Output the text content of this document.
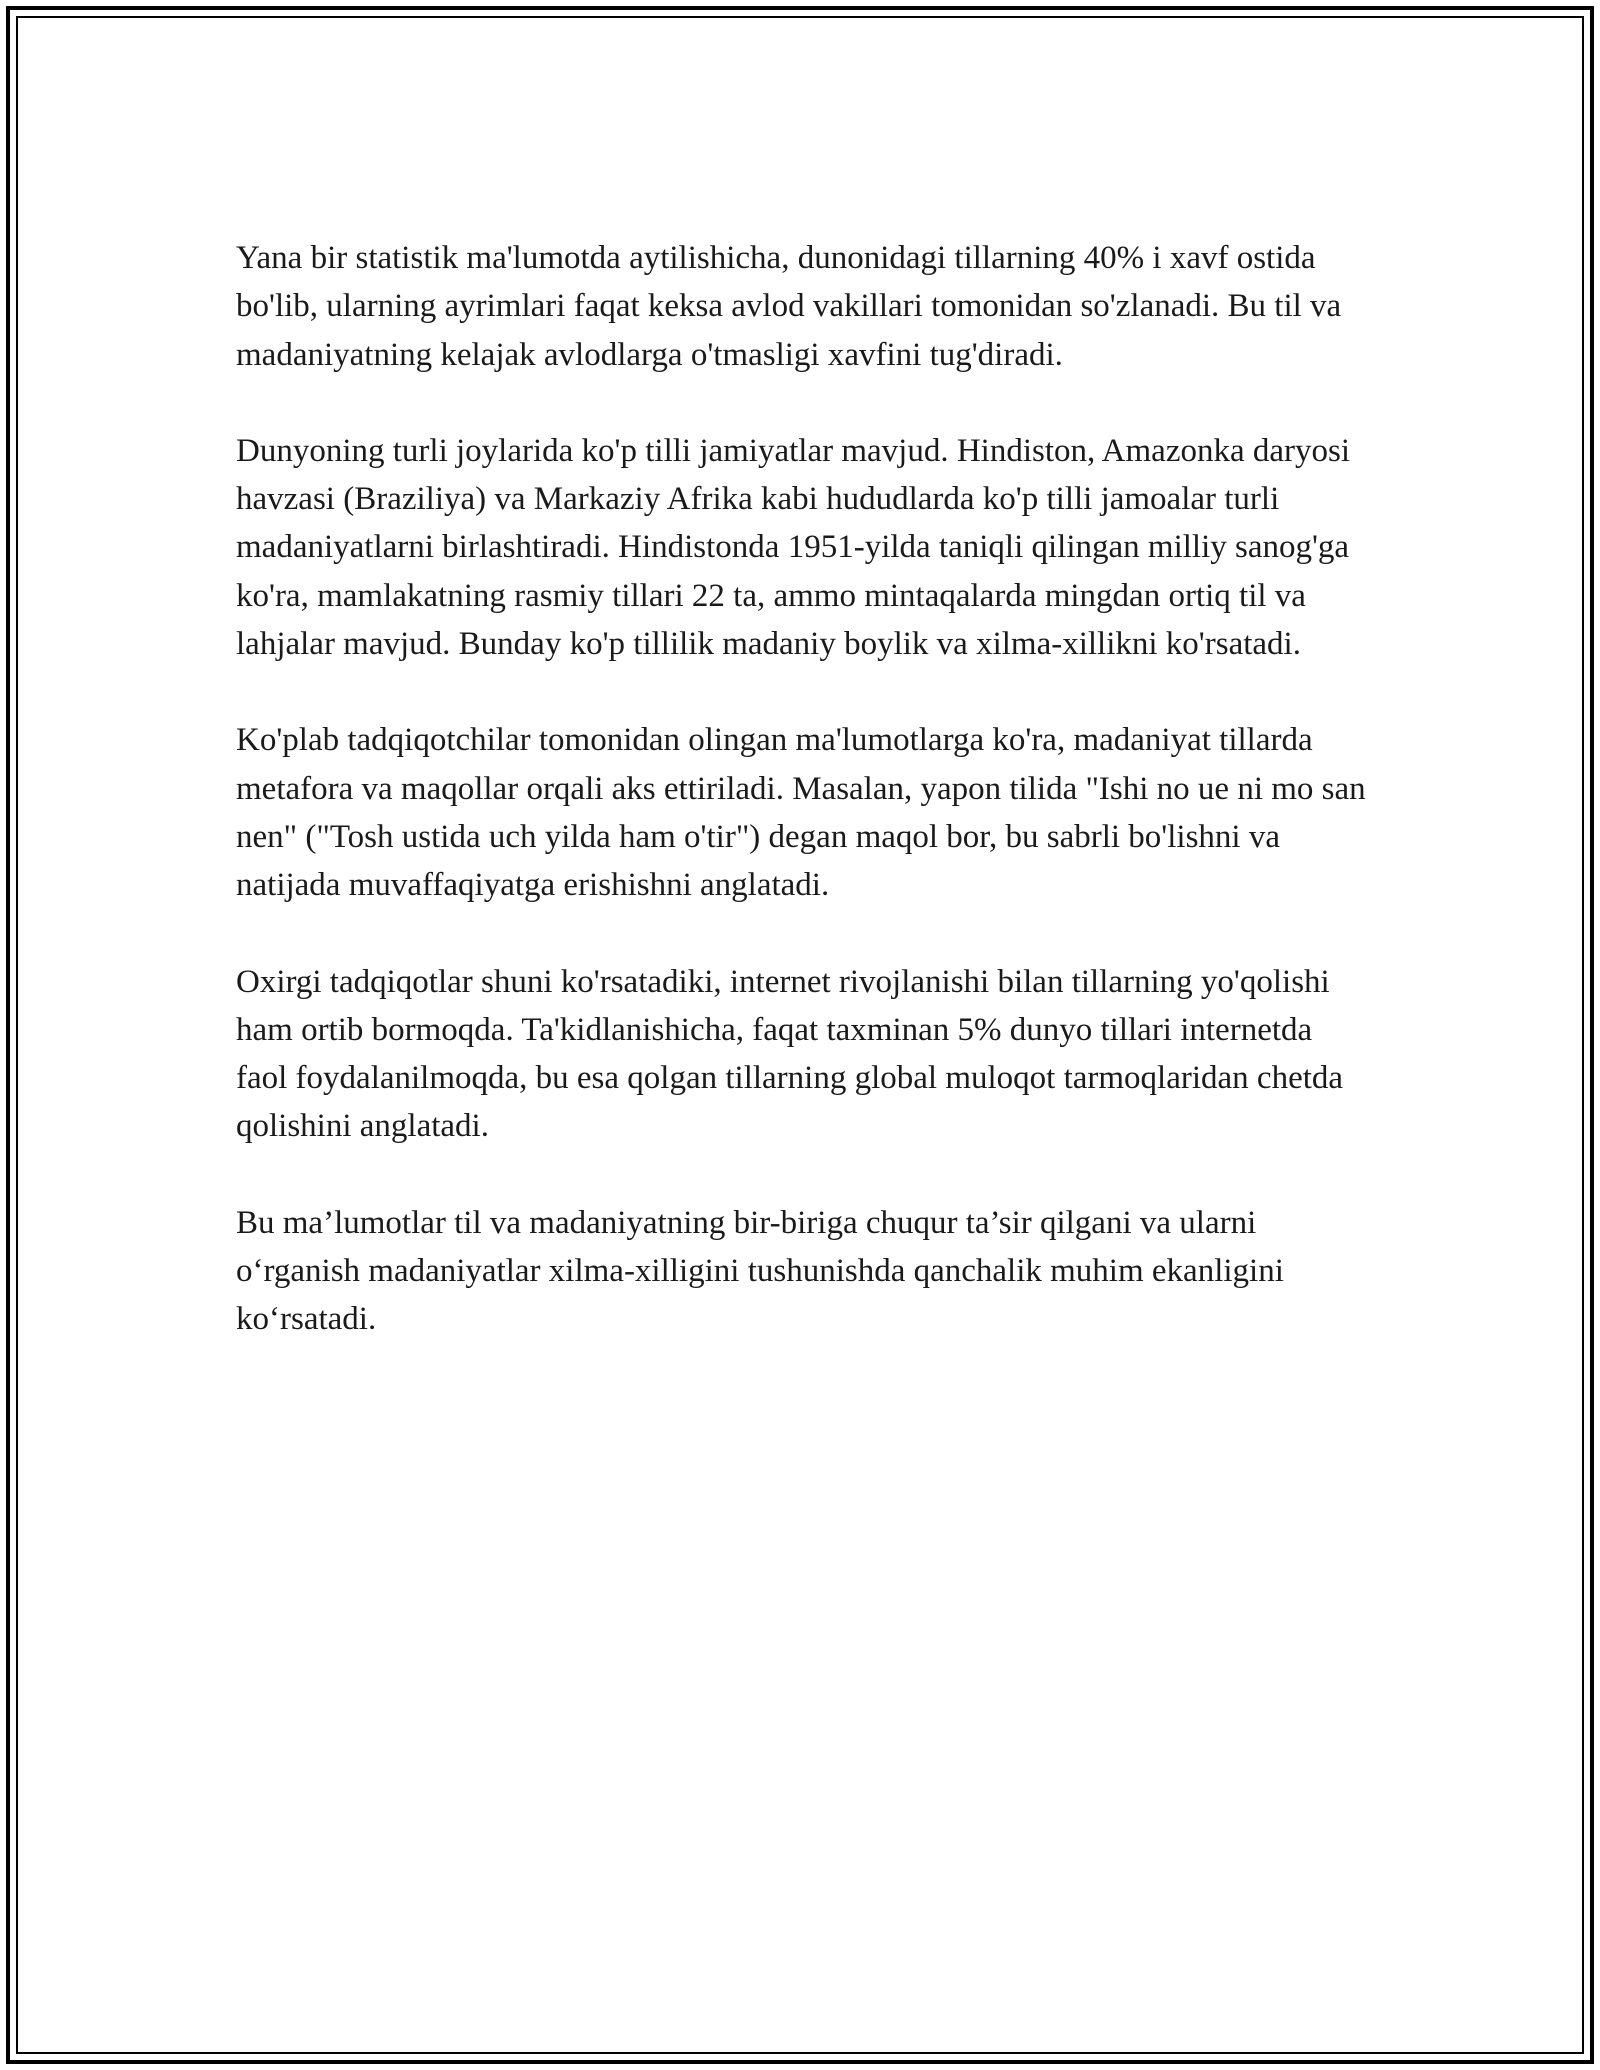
Yana bir statistik ma'lumotda aytilishicha, dunonidagi tillarning 40% i xavf ostida bo'lib, ularning ayrimlari faqat keksa avlod vakillari tomonidan so'zlanadi. Bu til va madaniyatning kelajak avlodlarga o'tmasligi xavfini tug'diradi.

Dunyoning turli joylarida ko'p tilli jamiyatlar mavjud. Hindiston, Amazonka daryosi havzasi (Braziliya) va Markaziy Afrika kabi hududlarda ko'p tilli jamoalar turli madaniyatlarni birlashtiradi. Hindistonda 1951-yilda taniqli qilingan milliy sanog'ga ko'ra, mamlakatning rasmiy tillari 22 ta, ammo mintaqalarda mingdan ortiq til va lahjalar mavjud. Bunday ko'p tillilik madaniy boylik va xilma-xillikni ko'rsatadi.

Ko'plab tadqiqotchilar tomonidan olingan ma'lumotlarga ko'ra, madaniyat tillarda metafora va maqollar orqali aks ettiriladi. Masalan, yapon tilida "Ishi no ue ni mo san nen" ("Tosh ustida uch yilda ham o'tir") degan maqol bor, bu sabrli bo'lishni va natijada muvaffaqiyatga erishishni anglatadi.

Oxirgi tadqiqotlar shuni ko'rsatadiki, internet rivojlanishi bilan tillarning yo'qolishi ham ortib bormoqda. Ta'kidlanishicha, faqat taxminan 5% dunyo tillari internetda faol foydalanilmoqda, bu esa qolgan tillarning global muloqot tarmoqlaridan chetda qolishini anglatadi.

Bu ma’lumotlar til va madaniyatning bir-biriga chuqur ta’sir qilgani va ularni o‘rganish madaniyatlar xilma-xilligini tushunishda qanchalik muhim ekanligini ko‘rsatadi.
